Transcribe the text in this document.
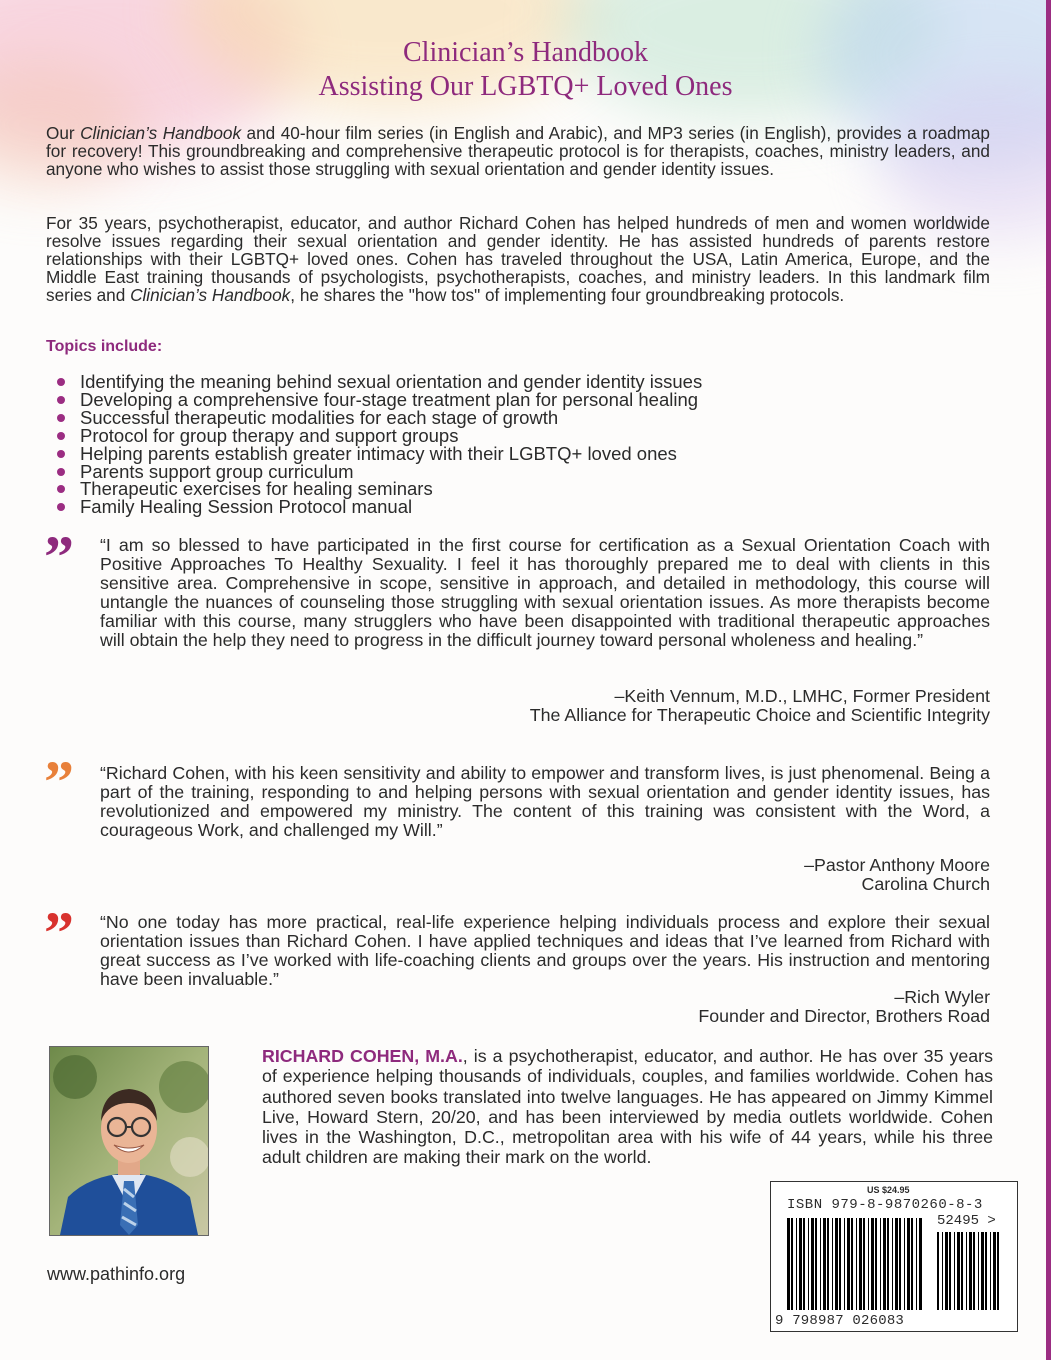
Clinician’s Handbook
Assisting Our LGBTQ+ Loved Ones

Our Clinician’s Handbook and 40-hour film series (in English and Arabic), and MP3 series (in English), provides a roadmap for recovery! This groundbreaking and comprehensive therapeutic protocol is for therapists, coaches, ministry leaders, and anyone who wishes to assist those struggling with sexual orientation and gender identity issues.

For 35 years, psychotherapist, educator, and author Richard Cohen has helped hundreds of men and women worldwide resolve issues regarding their sexual orientation and gender identity. He has assisted hundreds of parents restore relationships with their LGBTQ+ loved ones. Cohen has traveled throughout the USA, Latin America, Europe, and the Middle East training thousands of psychologists, psychotherapists, coaches, and ministry leaders. In this landmark film series and Clinician’s Handbook, he shares the "how tos" of implementing four groundbreaking protocols.

Topics include:
Identifying the meaning behind sexual orientation and gender identity issues
Developing a comprehensive four-stage treatment plan for personal healing
Successful therapeutic modalities for each stage of growth
Protocol for group therapy and support groups
Helping parents establish greater intimacy with their LGBTQ+ loved ones
Parents support group curriculum
Therapeutic exercises for healing seminars
Family Healing Session Protocol manual
” “I am so blessed to have participated in the first course for certification as a Sexual Orientation Coach with Positive Approaches To Healthy Sexuality. I feel it has thoroughly prepared me to deal with clients in this sensitive area. Comprehensive in scope, sensitive in approach, and detailed in methodology, this course will untangle the nuances of counseling those struggling with sexual orientation issues. As more therapists become familiar with this course, many strugglers who have been disappointed with traditional therapeutic approaches will obtain the help they need to progress in the difficult journey toward personal wholeness and healing.”

–Keith Vennum, M.D., LMHC, Former President
The Alliance for Therapeutic Choice and Scientific Integrity
” “Richard Cohen, with his keen sensitivity and ability to empower and transform lives, is just phenomenal. Being a part of the training, responding to and helping persons with sexual orientation and gender identity issues, has revolutionized and empowered my ministry. The content of this training was consistent with the Word, a courageous Work, and challenged my Will.”

–Pastor Anthony Moore
Carolina Church
” “No one today has more practical, real-life experience helping individuals process and explore their sexual orientation issues than Richard Cohen. I have applied techniques and ideas that I’ve learned from Richard with great success as I’ve worked with life-coaching clients and groups over the years. His instruction and mentoring have been invaluable.”

–Rich Wyler
Founder and Director, Brothers Road

RICHARD COHEN, M.A., is a psychotherapist, educator, and author. He has over 35 years of experience helping thousands of individuals, couples, and families worldwide. Cohen has authored seven books translated into twelve languages. He has appeared on Jimmy Kimmel Live, Howard Stern, 20/20, and has been interviewed by media outlets worldwide. Cohen lives in the Washington, D.C., metropolitan area with his wife of 44 years, while his three adult children are making their mark on the world.

www.pathinfo.org
US $24.95
ISBN 979-8-9870260-8-3
52495 >
9 798987 026083
